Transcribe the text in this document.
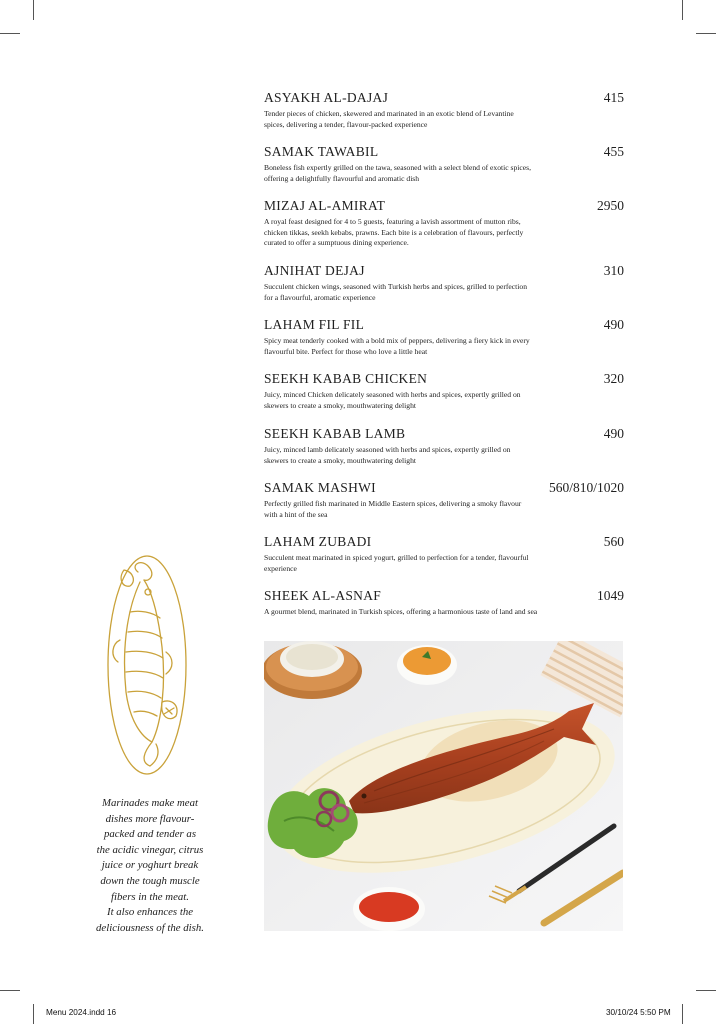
ASYAKH AL-DAJAJ	415
Tender pieces of chicken, skewered and marinated in an exotic blend of Levantine spices, delivering a tender, flavour-packed experience
SAMAK TAWABIL	455
Boneless fish expertly grilled on the tawa, seasoned with a select blend of exotic spices, offering a delightfully flavourful and aromatic dish
MIZAJ AL-AMIRAT	2950
A royal feast designed for 4 to 5 guests, featuring a lavish assortment of mutton ribs, chicken tikkas, seekh kebabs, prawns. Each bite is a celebration of flavours, perfectly curated to offer a sumptuous dining experience.
AJNIHAT DEJAJ	310
Succulent chicken wings, seasoned with Turkish herbs and spices, grilled to perfection for a flavourful, aromatic experience
LAHAM FIL FIL	490
Spicy meat tenderly cooked with a bold mix of peppers, delivering a fiery kick in every flavourful bite. Perfect for those who love a little heat
SEEKH KABAB CHICKEN	320
Juicy, minced Chicken delicately seasoned with herbs and spices, expertly grilled on skewers to create a smoky, mouthwatering delight
SEEKH KABAB LAMB	490
Juicy, minced lamb delicately seasoned with herbs and spices, expertly grilled on skewers to create a smoky, mouthwatering delight
SAMAK MASHWI	560/810/1020
Perfectly grilled fish marinated in Middle Eastern spices, delivering a smoky flavour with a hint of the sea
LAHAM ZUBADI	560
Succulent meat marinated in spiced yogurt, grilled to perfection for a tender, flavourful experience
SHEEK AL-ASNAF	1049
A gourmet blend, marinated in Turkish spices, offering a harmonious taste of land and sea
Marinades make meat
dishes more flavour-
packed and tender as
the acidic vinegar, citrus
juice or yoghurt break
down the tough muscle
fibers in the meat.
It also enhances the
deliciousness of the dish.
Menu 2024.indd 16	30/10/24 5:50 PM
